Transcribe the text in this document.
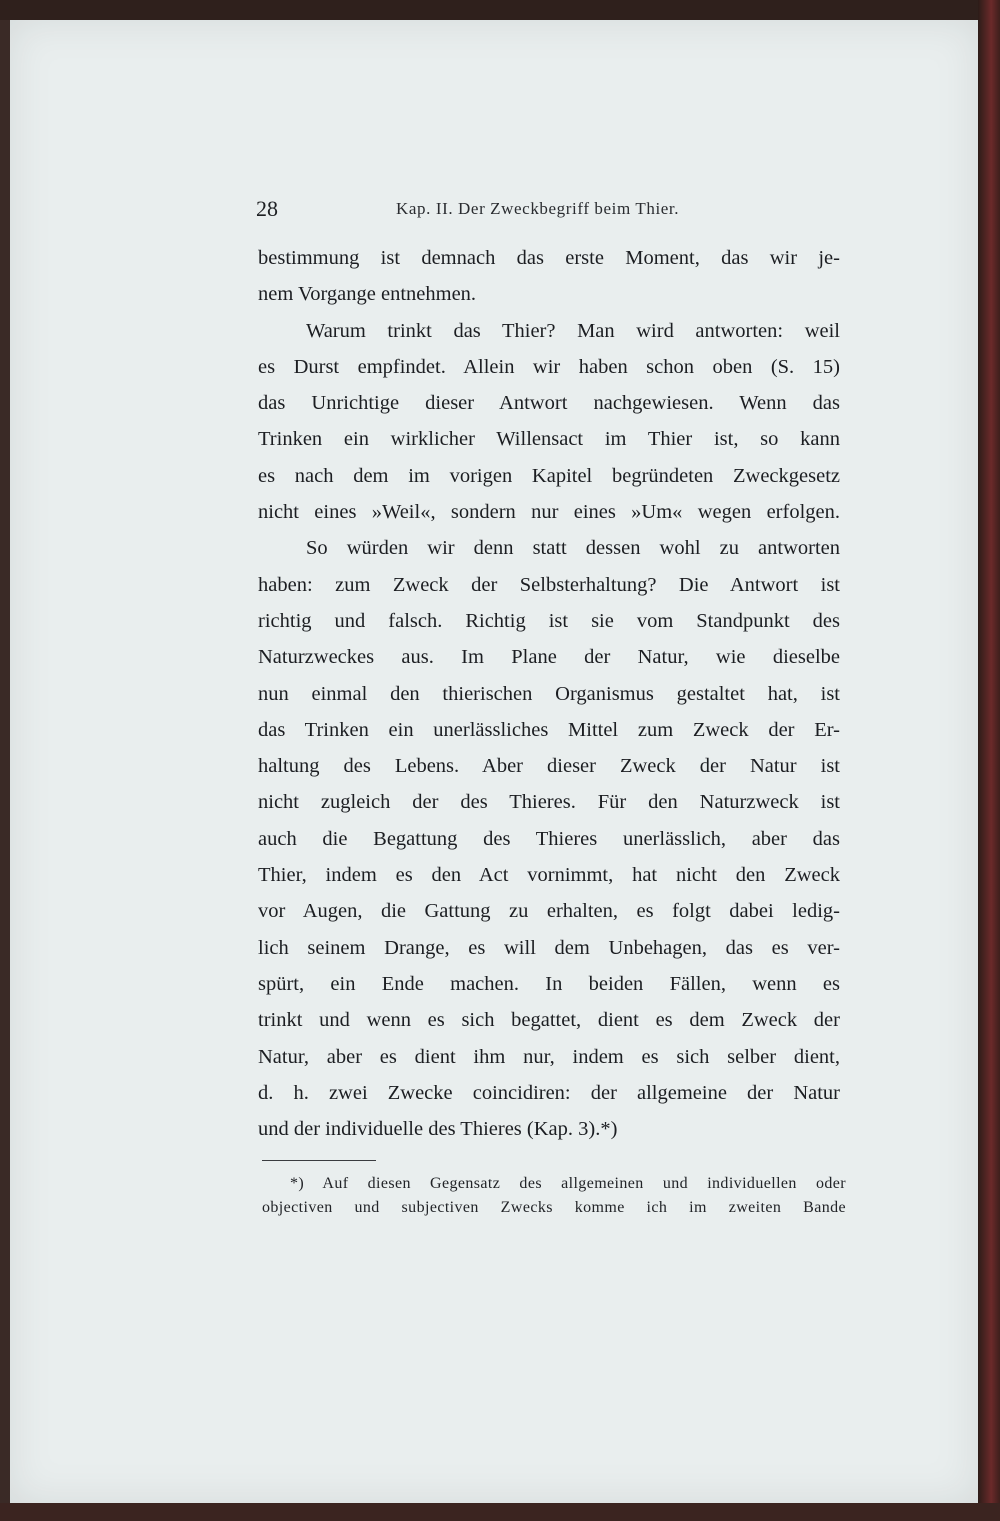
28	Kap. II. Der Zweckbegriff beim Thier.
bestimmung ist demnach das erste Moment, das wir je-
nem Vorgange entnehmen.
Warum trinkt das Thier? Man wird antworten: weil
es Durst empfindet. Allein wir haben schon oben (S. 15)
das Unrichtige dieser Antwort nachgewiesen. Wenn das
Trinken ein wirklicher Willensact im Thier ist, so kann
es nach dem im vorigen Kapitel begründeten Zweckgesetz
nicht eines »Weil«, sondern nur eines »Um« wegen erfolgen.
So würden wir denn statt dessen wohl zu antworten
haben: zum Zweck der Selbsterhaltung? Die Antwort ist
richtig und falsch. Richtig ist sie vom Standpunkt des
Naturzweckes aus. Im Plane der Natur, wie dieselbe
nun einmal den thierischen Organismus gestaltet hat, ist
das Trinken ein unerlässliches Mittel zum Zweck der Er-
haltung des Lebens. Aber dieser Zweck der Natur ist
nicht zugleich der des Thieres. Für den Naturzweck ist
auch die Begattung des Thieres unerlässlich, aber das
Thier, indem es den Act vornimmt, hat nicht den Zweck
vor Augen, die Gattung zu erhalten, es folgt dabei ledig-
lich seinem Drange, es will dem Unbehagen, das es ver-
spürt, ein Ende machen. In beiden Fällen, wenn es
trinkt und wenn es sich begattet, dient es dem Zweck der
Natur, aber es dient ihm nur, indem es sich selber dient,
d. h. zwei Zwecke coincidiren: der allgemeine der Natur
und der individuelle des Thieres (Kap. 3).*)
*) Auf diesen Gegensatz des allgemeinen und individuellen oder
objectiven und subjectiven Zwecks komme ich im zweiten Bande
